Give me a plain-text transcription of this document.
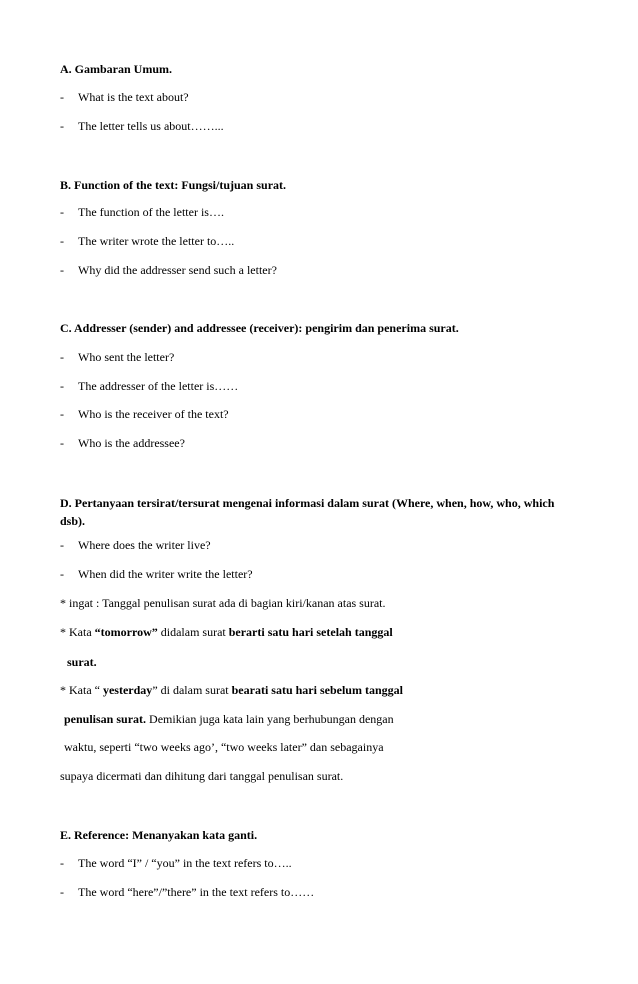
A. Gambaran Umum.
- What is the text about?
- The letter tells us about……...
B. Function of the text: Fungsi/tujuan surat.
- The function of the letter is….
- The writer wrote the letter to…..
- Why did the addresser send such a letter?
C. Addresser (sender) and addressee (receiver): pengirim dan penerima surat.
- Who sent the letter?
- The addresser of the letter is……
- Who is the receiver of the text?
- Who is the addressee?
D. Pertanyaan tersirat/tersurat mengenai informasi dalam surat (Where, when, how, who, which dsb).
- Where does the writer live?
- When did the writer write the letter?
* ingat : Tanggal penulisan surat ada di bagian kiri/kanan atas surat.
* Kata “tomorrow” didalam surat berarti satu hari setelah tanggal
surat.
* Kata “ yesterday” di dalam surat bearati satu hari sebelum tanggal
penulisan surat. Demikian juga kata lain yang berhubungan dengan
waktu, seperti “two weeks ago’, “two weeks later” dan sebagainya
supaya dicermati dan dihitung dari tanggal penulisan surat.
E. Reference: Menanyakan kata ganti.
- The word “I” / “you” in the text refers to…..
- The word “here”/”there” in the text refers to……
